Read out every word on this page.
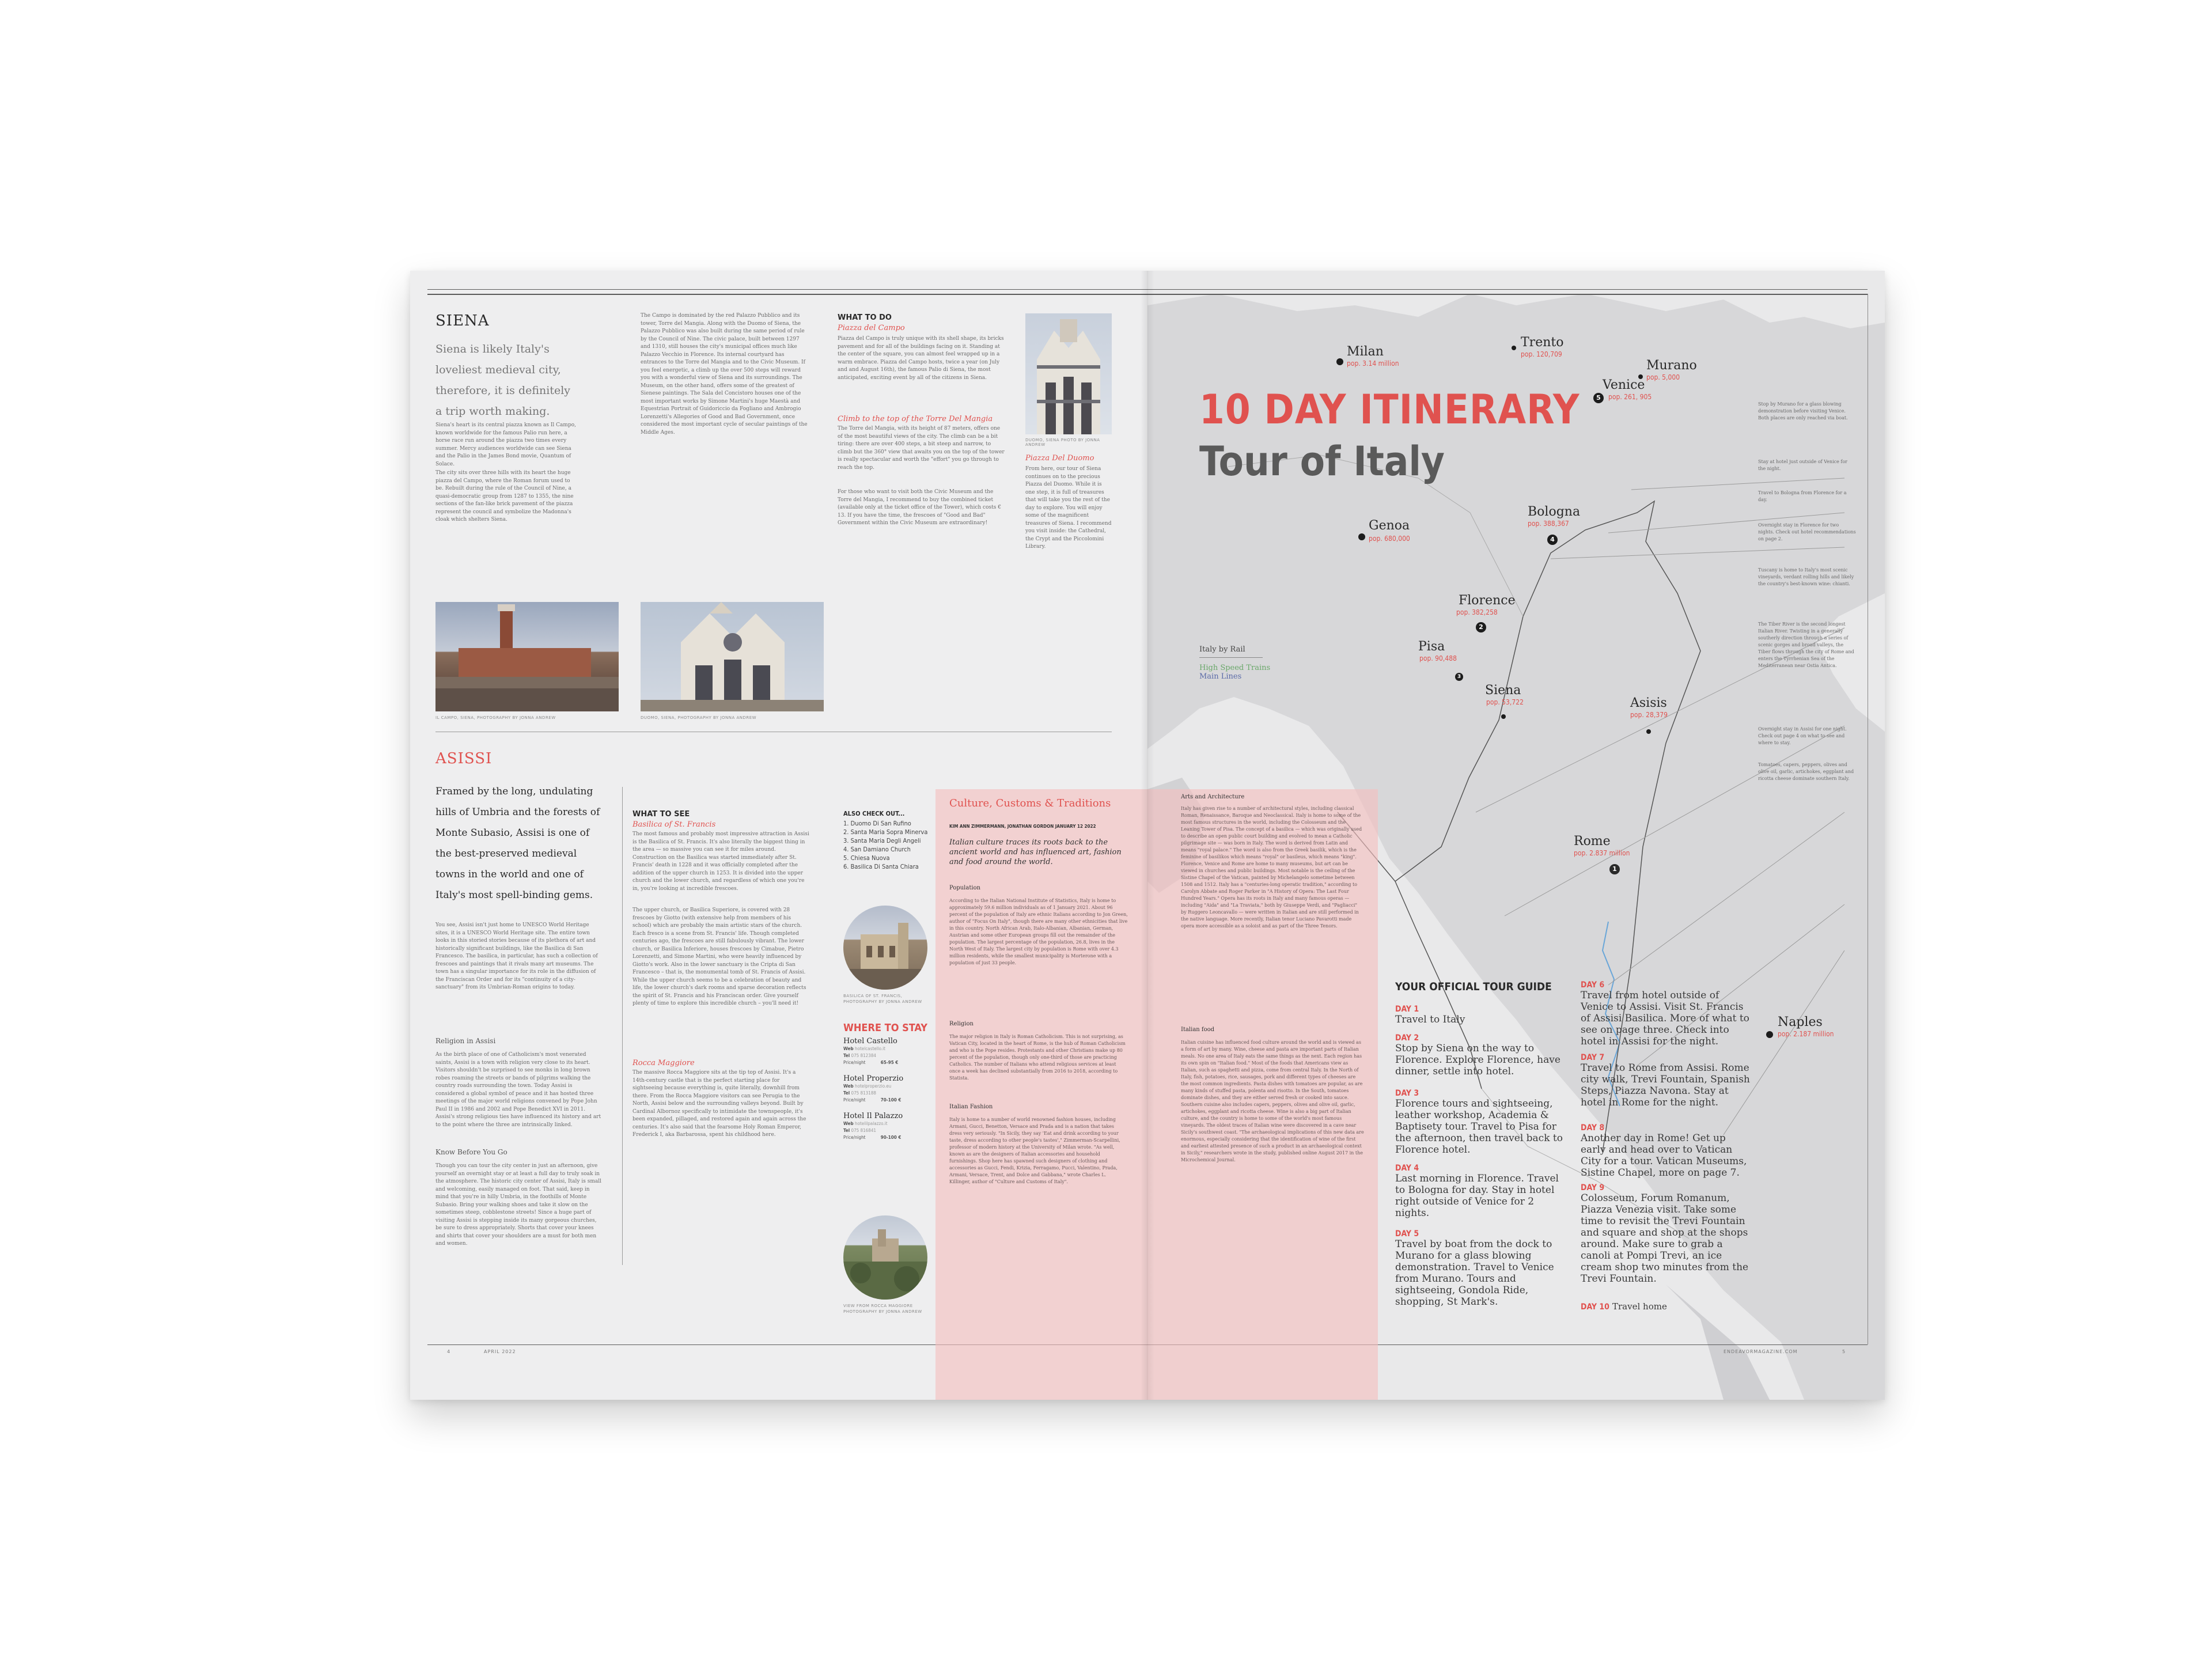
SIENA
Siena is likely Italy's loveliest medieval city, therefore, it is definitely a trip worth making.
Siena's heart is its central piazza known as Il Campo, known worldwide for the famous Palio run here, a horse race run around the piazza two times every summer. Mercy audiences worldwide can see Siena and the Palio in the James Bond movie, Quantum of Solace.
The city sits over three hills with its heart the huge piazza del Campo, where the Roman forum used to be. Rebuilt during the rule of the Council of Nine, a quasi-democratic group from 1287 to 1355, the nine sections of the fan-like brick pavement of the piazza represent the council and symbolize the Madonna's cloak which shelters Siena.
The Campo is dominated by the red Palazzo Pubblico and its tower, Torre del Mangia. Along with the Duomo of Siena, the Palazzo Pubblico was also built during the same period of rule by the Council of Nine. The civic palace, built between 1297 and 1310, still houses the city's municipal offices much like Palazzo Vecchio in Florence. Its internal courtyard has entrances to the Torre del Mangia and to the Civic Museum. If you feel energetic, a climb up the over 500 steps will reward you with a wonderful view of Siena and its surroundings. The Museum, on the other hand, offers some of the greatest of Sienese paintings. The Sala del Concistoro houses one of the most important works by Simone Martini's huge Maestà and Equestrian Portrait of Guidoriccio da Fogliano and Ambrogio Lorenzetti's Allegories of Good and Bad Government, once considered the most important cycle of secular paintings of the Middle Ages.
IL CAMPO, SIENA, PHOTOGRAPHY BY JONNA ANDREW	DUOMO, SIENA, PHOTOGRAPHY BY JONNA ANDREW
WHAT TO DO
Piazza del Campo
Piazza del Campo is truly unique with its shell shape, its bricks pavement and for all of the buildings facing on it. Standing at the center of the square, you can almost feel wrapped up in a warm embrace. Piazza del Campo hosts, twice a year (on July and and August 16th), the famous Palio di Siena, the most anticipated, exciting event by all of the citizens in Siena.
Climb to the top of the Torre Del Mangia
The Torre del Mangia, with its height of 87 meters, offers one of the most beautiful views of the city. The climb can be a bit tiring: there are over 400 steps, a bit steep and narrow, to climb but the 360° view that awaits you on the top of the tower is really spectacular and worth the "effort" you go through to reach the top.
For those who want to visit both the Civic Museum and the Torre del Mangia, I recommend to buy the combined ticket (available only at the ticket office of the Tower), which costs € 13. If you have the time, the frescoes of "Good and Bad" Government within the Civic Museum are extraordinary!
DUOMO, SIENA PHOTO BY JONNA ANDREW
Piazza Del Duomo
From here, our tour of Siena continues on to the precious Piazza del Duomo. While it is one step, it is full of treasures that will take you the rest of the day to explore. You will enjoy some of the magnificent treasures of Siena. I recommend you visit inside: the Cathedral, the Crypt and the Piccolomini Library.
ASISSI
Framed by the long, undulating hills of Umbria and the forests of Monte Subasio, Assisi is one of the best-preserved medieval towns in the world and one of Italy's most spell-binding gems.
You see, Assisi isn't just home to UNESCO World Heritage sites, it is a UNESCO World Heritage site. The entire town looks in this storied stories because of its plethora of art and historically significant buildings, like the Basilica di San Francesco. The basilica, in particular, has such a collection of frescoes and paintings that it rivals many art museums. The town has a singular importance for its role in the diffusion of the Franciscan Order and for its "continuity of a city-sanctuary" from its Umbrian-Roman origins to today.
Religion in Assisi
As the birth place of one of Catholicism's most venerated saints, Assisi is a town with religion very close to its heart. Visitors shouldn't be surprised to see monks in long brown robes roaming the streets or bands of pilgrims walking the country roads surrounding the town. Today Assisi is considered a global symbol of peace and it has hosted three meetings of the major world religions convened by Pope John Paul II in 1986 and 2002 and Pope Benedict XVI in 2011. Assisi's strong religious ties have influenced its history and art to the point where the three are intrinsically linked.
Know Before You Go
Though you can tour the city center in just an afternoon, give yourself an overnight stay or at least a full day to truly soak in the atmosphere. The historic city center of Assisi, Italy is small and welcoming, easily managed on foot. That said, keep in mind that you're in hilly Umbria, in the foothills of Monte Subasio. Bring your walking shoes and take it slow on the sometimes steep, cobblestone streets! Since a huge part of visiting Assisi is stepping inside its many gorgeous churches, be sure to dress appropriately. Shorts that cover your knees and shirts that cover your shoulders are a must for both men and women.
WHAT TO SEE
Basilica of St. Francis
The most famous and probably most impressive attraction in Assisi is the Basilica of St. Francis. It's also literally the biggest thing in the area — so massive you can see it for miles around. Construction on the Basilica was started immediately after St. Francis' death in 1228 and it was officially completed after the addition of the upper church in 1253. It is divided into the upper church and the lower church, and regardless of which one you're in, you're looking at incredible frescoes.
The upper church, or Basilica Superiore, is covered with 28 frescoes by Giotto (with extensive help from members of his school) which are probably the main artistic stars of the church. Each fresco is a scene from St. Francis' life. Though completed centuries ago, the frescoes are still fabulously vibrant. The lower church, or Basilica Inferiore, houses frescoes by Cimabue, Pietro Lorenzetti, and Simone Martini, who were heavily influenced by Giotto's work. Also in the lower sanctuary is the Cripta di San Francesco – that is, the monumental tomb of St. Francis of Assisi. While the upper church seems to be a celebration of beauty and life, the lower church's dark rooms and sparse decoration reflects the spirit of St. Francis and his Franciscan order. Give yourself plenty of time to explore this incredible church – you'll need it!
Rocca Maggiore
The massive Rocca Maggiore sits at the tip top of Assisi. It's a 14th-century castle that is the perfect starting place for sightseeing because everything is, quite literally, downhill from there. From the Rocca Maggiore visitors can see Perugia to the North, Assisi below and the surrounding valleys beyond. Built by Cardinal Albornoz specifically to intimidate the townspeople, it's been expanded, pillaged, and restored again and again across the centuries. It's also said that the fearsome Holy Roman Emperor, Frederick I, aka Barbarossa, spent his childhood here.
ALSO CHECK OUT...
1. Duomo Di San Rufino
2. Santa Maria Sopra Minerva
3. Santa Maria Degli Angeli
4. San Damiano Church
5. Chiesa Nuova
6. Basilica Di Santa Chiara
BASILICA OF ST. FRANCIS, PHOTOGRAPHY BY JONNA ANDREW
WHERE TO STAY
Hotel Castello
Web hotelcastello.it
Tel 075 812384
Price/night	65-95 €
Hotel Properzio
Web hotelproperzio.eu
Tel 075 813188
Price/night	70-100 €
Hotel Il Palazzo
Web hotelilpalazzo.it
Tel 075 816841
Price/night	90-100 €
VIEW FROM ROCCA MAGGIORE PHOTOGRAPHY BY JONNA ANDREW
4	APRIL 2022
10 DAY ITINERARY
Tour of Italy
Italy by Rail
High Speed Trains
Main Lines
Milan
pop. 3.14 million
Trento
pop. 120,709
Murano
pop. 5,000
5
Venice
pop. 261, 905
Genoa
pop. 680,000	4
Bologna
pop. 388,367
2
Florence
pop. 382,258
3
Pisa
pop. 90,488
Siena
pop. 53,722	Asisis
pop. 28,379
1
Rome
pop. 2.837 million
Naples
pop. 2.187 million
Stop by Murano for a glass blowing demonstration before visiting Venice. Both places are only reached via boat.
Stay at hotel just outside of Venice for the night.
Travel to Bologna from Florence for a day.
Overnight stay in Florence for two nights. Check out hotel recommendations on page 2.
Tuscany is home to Italy's most scenic vineyards, verdant rolling hills and likely the country's best-known wine: chianti.
The Tiber River is the second longest Italian River. Twisting in a generally southerly direction through a series of scenic gorges and broad valleys, the Tiber flows through the city of Rome and enters the Tyrrhenian Sea of the Mediterranean near Ostia Antica.
Overnight stay in Assisi for one night. Check out page 4 on what to see and where to stay.
Tomatoes, capers, peppers, olives and olive oil, garlic, artichokes, eggplant and ricotta cheese dominate southern Italy.
YOUR OFFICIAL TOUR GUIDE
DAY 1
Travel to Italy
DAY 2
Stop by Siena on the way to Florence. Explore Florence, have dinner, settle into hotel.
DAY 3
Florence tours and sightseeing, leather workshop, Academia & Baptisety tour. Travel to Pisa for the afternoon, then travel back to Florence hotel.
DAY 4
Last morning in Florence. Travel to Bologna for day. Stay in hotel right outside of Venice for 2 nights.
DAY 5
Travel by boat from the dock to Murano for a glass blowing demonstration. Travel to Venice from Murano. Tours and sightseeing, Gondola Ride, shopping, St Mark's.
DAY 6
Travel from hotel outside of Venice to Assisi. Visit St. Francis of Assisi Basilica. More of what to see on page three. Check into hotel in Assisi for the night.
DAY 7
Travel to Rome from Assisi. Rome city walk, Trevi Fountain, Spanish Steps, Piazza Navona. Stay at hotel in Rome for the night.
DAY 8
Another day in Rome! Get up early and head over to Vatican City for a tour. Vatican Museums, Sistine Chapel, more on page 7.
DAY 9
Colosseum, Forum Romanum, Piazza Venezia visit. Take some time to revisit the Trevi Fountain and square and shop at the shops around. Make sure to grab a canoli at Pompi Trevi, an ice cream shop two minutes from the Trevi Fountain.
DAY 10 Travel home
ENDEAVORMAGAZINE.COM	5
Culture, Customs & Traditions
KIM ANN ZIMMERMANN, JONATHAN GORDON JANUARY 12 2022
Italian culture traces its roots back to the ancient world and has influenced art, fashion and food around the world.
Population
According to the Italian National Institute of Statistics, Italy is home to approximately 59.6 million individuals as of 1 January 2021. About 96 percent of the population of Italy are ethnic Italians according to Jon Green, author of "Focus On Italy", though there are many other ethnicities that live in this country. North African Arab, Italo-Albanian, Albanian, German, Austrian and some other European groups fill out the remainder of the population. The largest percentage of the population, 26.8, lives in the North West of Italy. The largest city by population is Rome with over 4.3 million residents, while the smallest municipality is Morterone with a population of just 33 people.
Religion
The major religion in Italy is Roman Catholicism. This is not surprising, as Vatican City, located in the heart of Rome, is the hub of Roman Catholicism and who is the Pope resides. Protestants and other Christians make up 80 percent of the population, though only one-third of those are practicing Catholics. The number of Italians who attend religious services at least once a week has declined substantially from 2016 to 2018, according to Statista.
Italian Fashion
Italy is home to a number of world renowned fashion houses, including Armani, Gucci, Benetton, Versace and Prada and is a nation that takes dress very seriously. "In Sicily, they say 'Eat and drink according to your taste, dress according to other people's tastes'," Zimmerman-Scarpellini, professor of modern history at the University of Milan wrote. "As well, known as are the designers of Italian accessories and household furnishings. Shop here has spawned such designers of clothing and accessories as Gucci, Fendi, Krizia, Ferragamo, Pucci, Valentino, Prada, Armani, Versace, Trent, and Dolce and Gabbana," wrote Charles L. Killinger, author of "Culture and Customs of Italy".
Arts and Architecture
Italy has given rise to a number of architectural styles, including classical Roman, Renaissance, Baroque and Neoclassical. Italy is home to some of the most famous structures in the world, including the Colosseum and the Leaning Tower of Pisa. The concept of a basilica — which was originally used to describe an open public court building and evolved to mean a Catholic pilgrimage site — was born in Italy. The word is derived from Latin and means "royal palace." The word is also from the Greek basilik, which is the feminine of basilikos which means "royal" or basileus, which means "king". Florence, Venice and Rome are home to many museums, but art can be viewed in churches and public buildings. Most notable is the ceiling of the Sistine Chapel of the Vatican, painted by Michelangelo sometime between 1508 and 1512. Italy has a "centuries-long operatic tradition," according to Carolyn Abbate and Roger Parker in "A History of Opera: The Last Four Hundred Years." Opera has its roots in Italy and many famous operas — including "Aida" and "La Traviata," both by Giuseppe Verdi, and "Pagliacci" by Ruggero Leoncavallo — were written in Italian and are still performed in the native language. More recently, Italian tenor Luciano Pavarotti made opera more accessible as a soloist and as part of the Three Tenors.
Italian food
Italian cuisine has influenced food culture around the world and is viewed as a form of art by many. Wine, cheese and pasta are important parts of Italian meals. No one area of Italy eats the same things as the next. Each region has its own spin on "Italian food." Most of the foods that Americans view as Italian, such as spaghetti and pizza, come from central Italy. In the North of Italy, fish, potatoes, rice, sausages, pork and different types of cheeses are the most common ingredients. Pasta dishes with tomatoes are popular, as are many kinds of stuffed pasta, polenta and risotto. In the South, tomatoes dominate dishes, and they are either served fresh or cooked into sauce. Southern cuisine also includes capers, peppers, olives and olive oil, garlic, artichokes, eggplant and ricotta cheese. Wine is also a big part of Italian culture, and the country is home to some of the world's most famous vineyards. The oldest traces of Italian wine were discovered in a cave near Sicily's southwest coast. "The archaeological implications of this new data are enormous, especially considering that the identification of wine of the first and earliest attested presence of such a product in an archaeological context in Sicily," researchers wrote in the study, published online August 2017 in the Microchemical Journal.
